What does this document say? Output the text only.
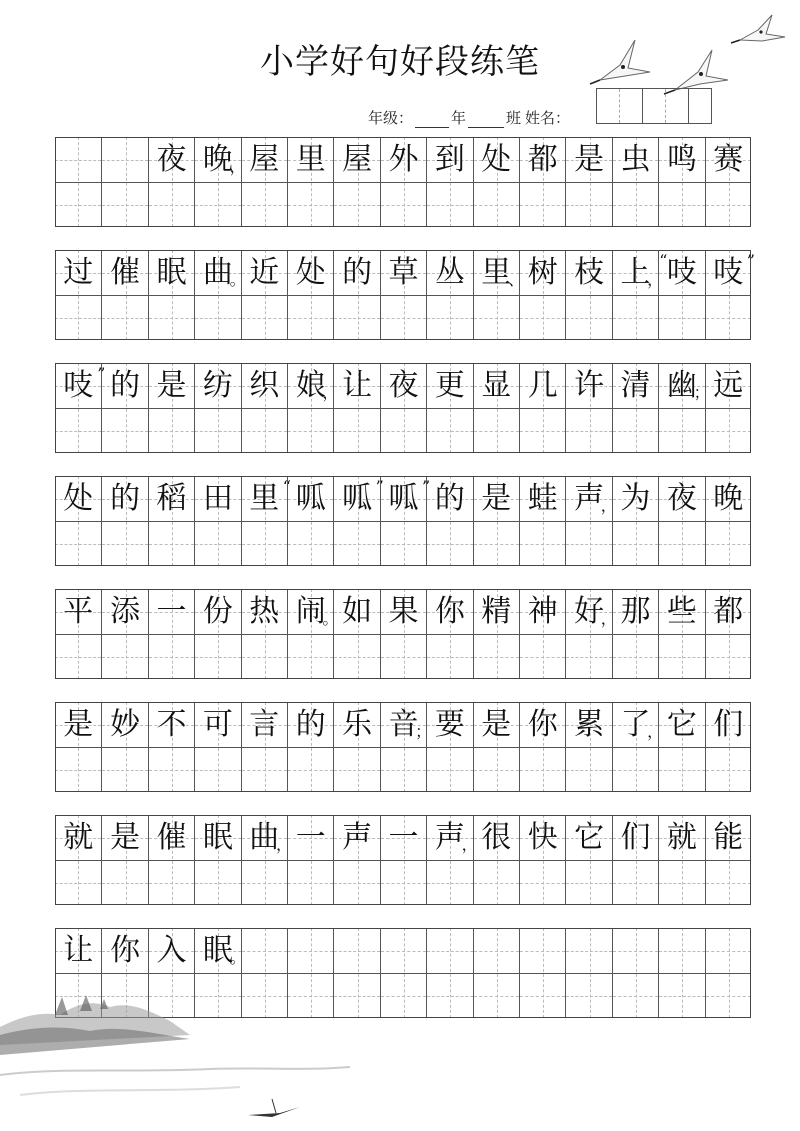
小学好句好段练笔
年级：	年	班 姓名：
夜 晚
， 屋 里 屋 外 到 处 都 是 虫 鸣 赛
过 催 眠 曲
。 近 处 的 草 丛 里
、 树 枝 上
， 吱
“ 吱 ”
吱 ” 的 是 纺 织 娘
， 让 夜 更 显 几 许 清 幽
； 远
处 的 稻 田 里 “ 呱 呱 ” 呱 ” 的 是 蛙 声
， 为 夜 晚
平 添 一 份 热 闹
。 如 果 你 精 神 好
， 那 些 都
是 妙 不 可 言 的 乐 音
； 要 是 你 累 了
， 它 们
就 是 催 眠 曲
， 一 声 一 声
， 很 快 它 们 就 能
让 你 入 眠
。
